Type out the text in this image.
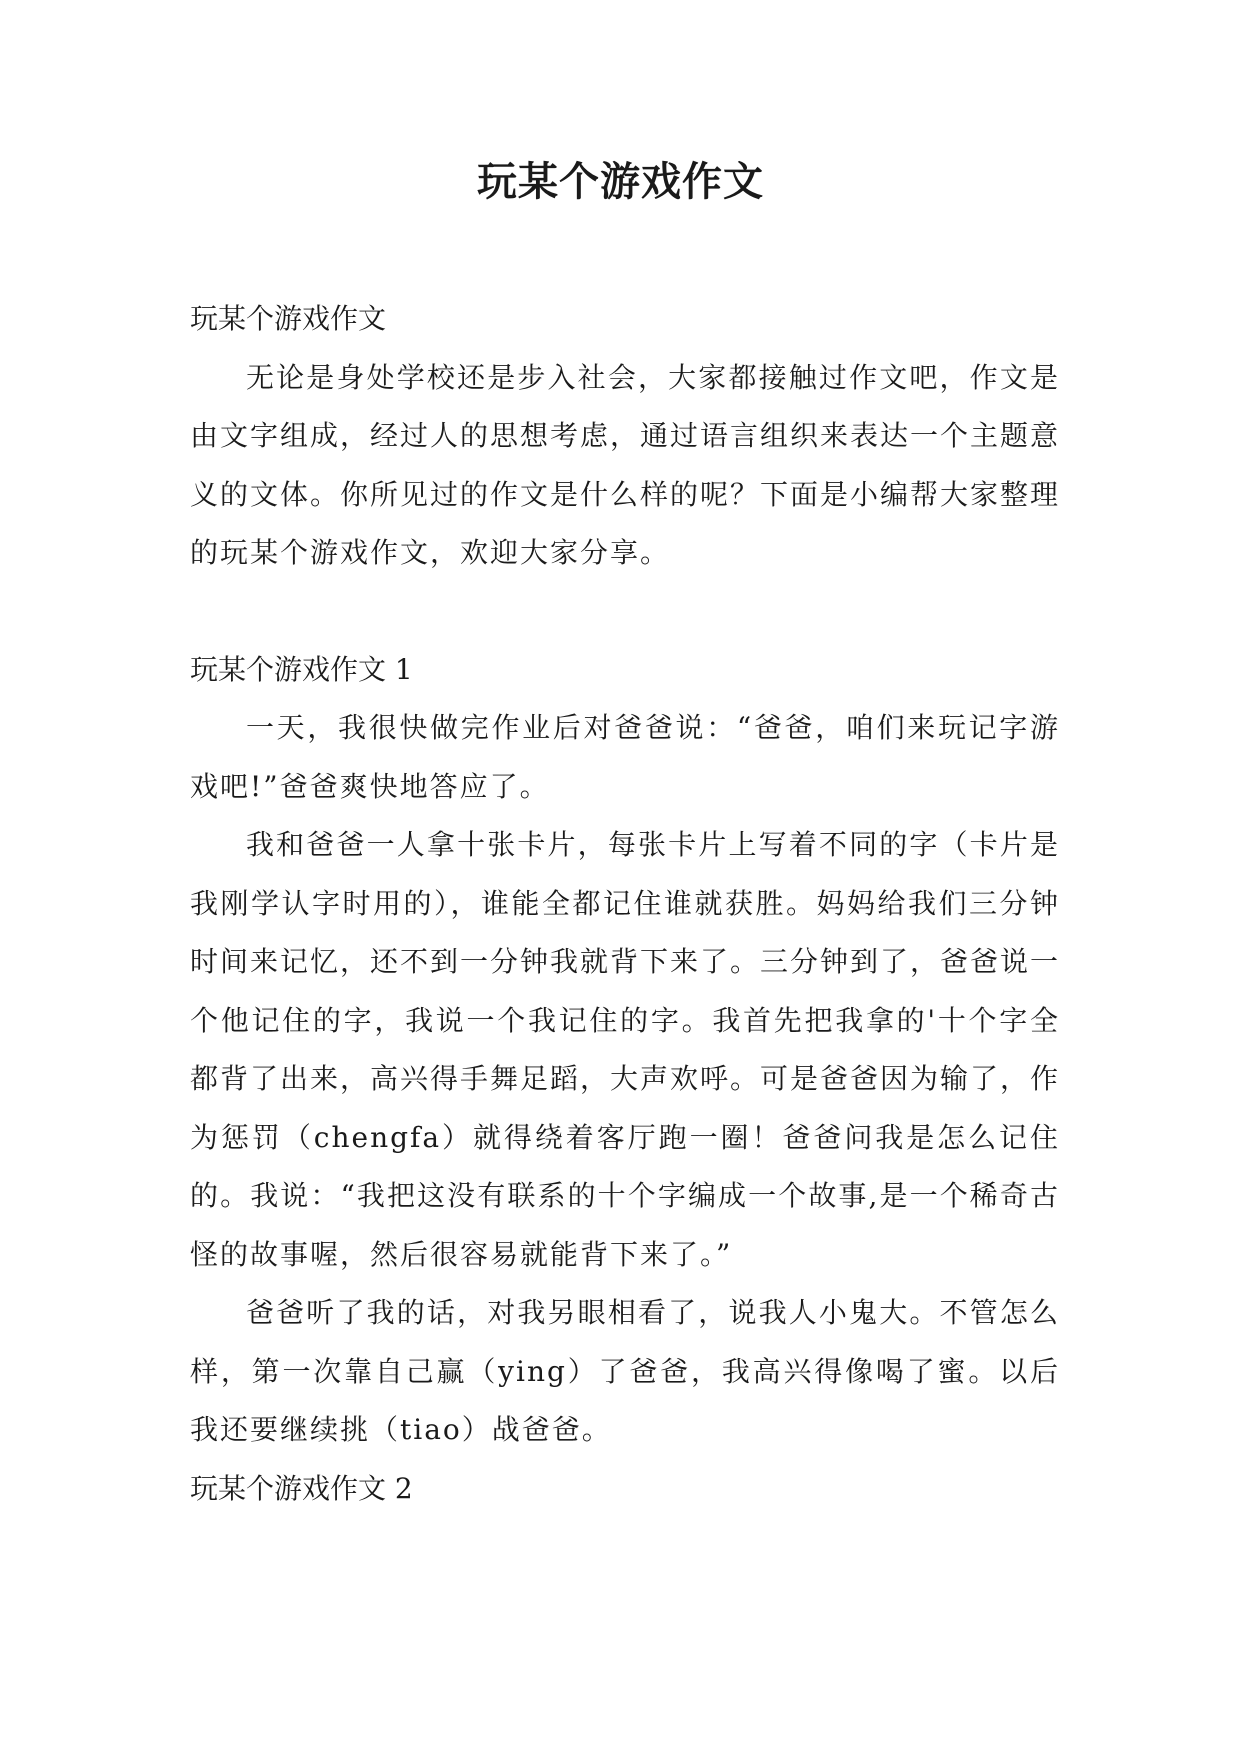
玩某个游戏作文

玩某个游戏作文

无论是身处学校还是步入社会，大家都接触过作文吧，作文是由文字组成，经过人的思想考虑，通过语言组织来表达一个主题意义的文体。你所见过的作文是什么样的呢？下面是小编帮大家整理的玩某个游戏作文，欢迎大家分享。

玩某个游戏作文 1

一天，我很快做完作业后对爸爸说：“爸爸，咱们来玩记字游戏吧!”爸爸爽快地答应了。

我和爸爸一人拿十张卡片，每张卡片上写着不同的字（卡片是我刚学认字时用的），谁能全都记住谁就获胜。妈妈给我们三分钟时间来记忆，还不到一分钟我就背下来了。三分钟到了，爸爸说一个他记住的字，我说一个我记住的字。我首先把我拿的'十个字全都背了出来，高兴得手舞足蹈，大声欢呼。可是爸爸因为输了，作为惩罚（chengfa）就得绕着客厅跑一圈！爸爸问我是怎么记住的。我说：“我把这没有联系的十个字编成一个故事,是一个稀奇古怪的故事喔，然后很容易就能背下来了。”

爸爸听了我的话，对我另眼相看了，说我人小鬼大。不管怎么样，第一次靠自己赢（ying）了爸爸，我高兴得像喝了蜜。以后我还要继续挑（tiao）战爸爸。

玩某个游戏作文 2
